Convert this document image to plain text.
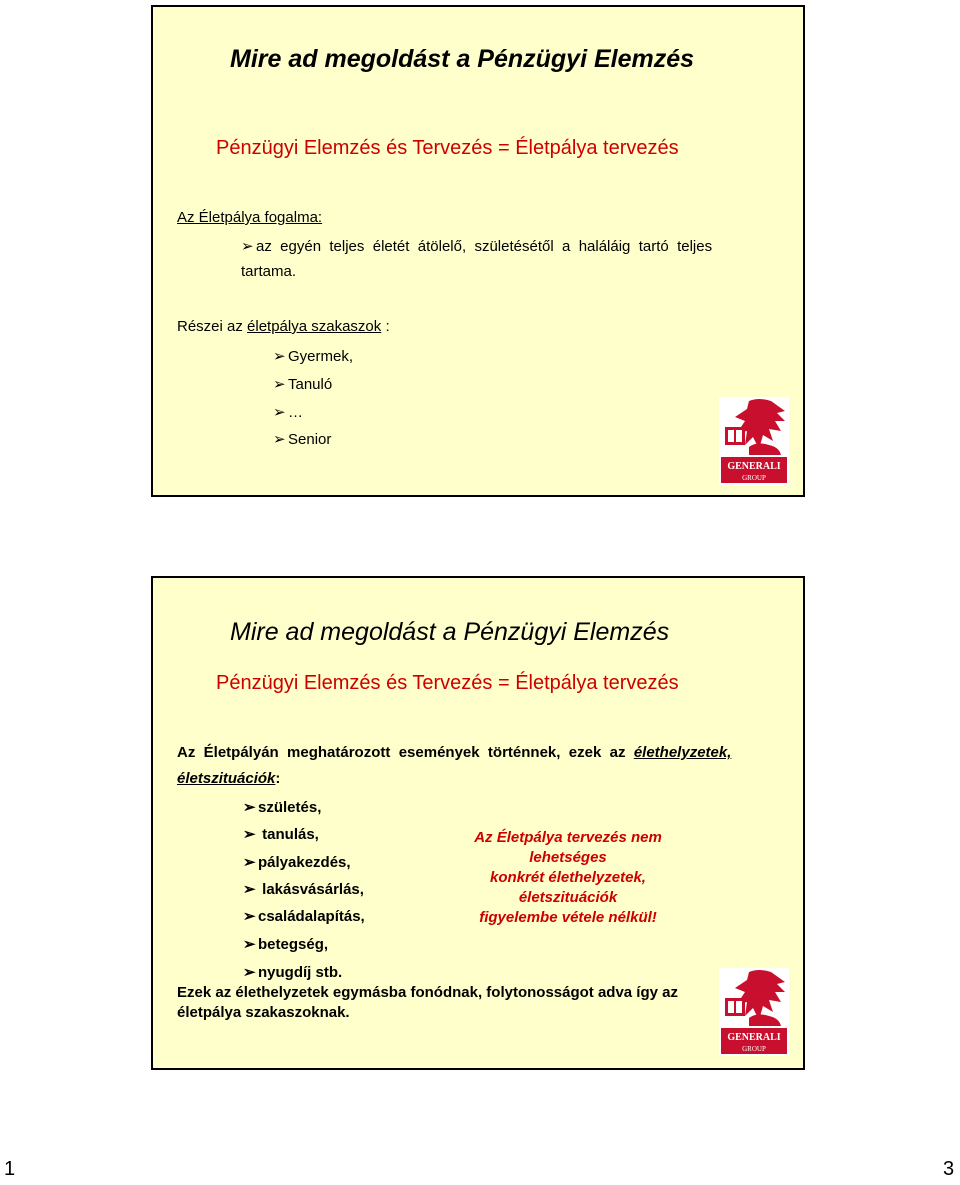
Mire ad megoldást a Pénzügyi Elemzés
Pénzügyi Elemzés és Tervezés = Életpálya tervezés
Az Életpálya fogalma:
➢ az  egyén  teljes  életét  átölelő,  születésétől  a  haláláig  tartó  teljes
tartama.
Részei az életpálya szakaszok :
➢ Gyermek,
➢ Tanuló
➢ …
➢ Senior
GENERALI
GROUP
Mire ad megoldást a Pénzügyi Elemzés
Pénzügyi Elemzés és Tervezés = Életpálya tervezés
Az  Életpályán  meghatározott  események  történnek,  ezek  az  élethelyzetek,
életszituációk:
➢ születés,
➢ tanulás,
➢ pályakezdés,
➢ lakásvásárlás,
➢ családalapítás,
➢ betegség,
➢ nyugdíj stb.
Az Életpálya tervezés nem lehetséges
konkrét élethelyzetek, életszituációk
figyelembe vétele nélkül!
Ezek az élethelyzetek egymásba fonódnak, folytonosságot adva így az
életpálya szakaszoknak.
GENERALI
GROUP
1	3
